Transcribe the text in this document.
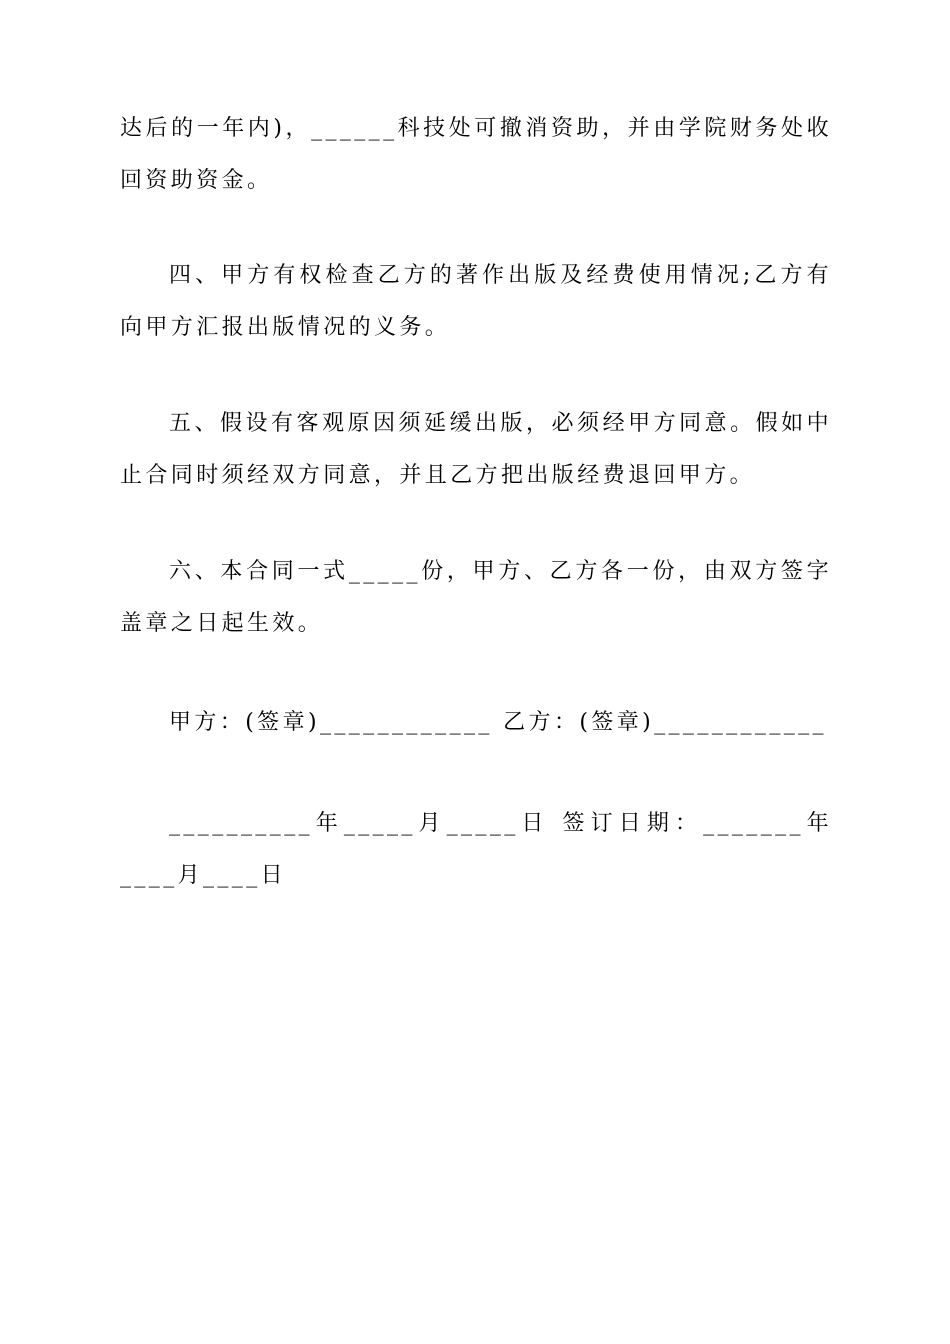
达后的一年内)，______科技处可撤消资助，并由学院财务处收回资助资金。

四、甲方有权检查乙方的著作出版及经费使用情况;乙方有向甲方汇报出版情况的义务。

五、假设有客观原因须延缓出版，必须经甲方同意。假如中止合同时须经双方同意，并且乙方把出版经费退回甲方。

六、本合同一式_____份，甲方、乙方各一份，由双方签字盖章之日起生效。

甲方：(签章)____________ 乙方：(签章)____________

__________年_____月_____日 签订日期：_______年____月____日
